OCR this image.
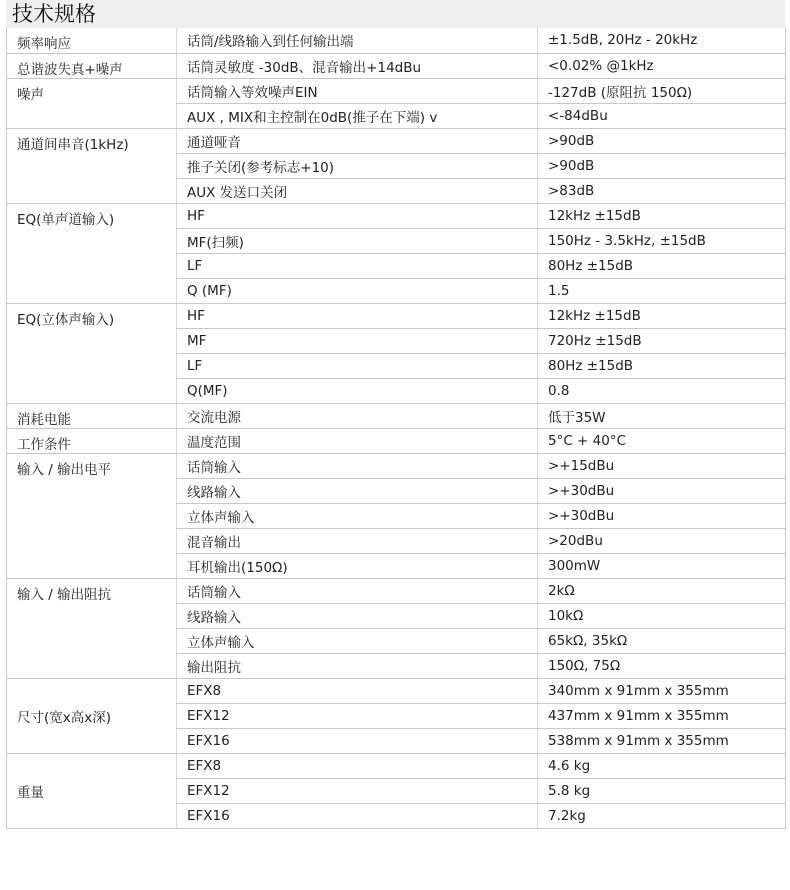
技术规格
频率响应	话筒/线路输入到任何输出端	±1.5dB, 20Hz - 20kHz
总谐波失真+噪声	话筒灵敏度 -30dB、混音输出+14dBu	<0.02% @1kHz
噪声	话筒输入等效噪声EIN	-127dB (原阻抗 150Ω)
	AUX , MIX和主控制在0dB(推子在下端) v	<-84dBu
通道间串音(1kHz)	通道哑音	>90dB
	推子关闭(参考标志+10)	>90dB
	AUX 发送口关闭	>83dB
EQ(单声道输入)	HF	12kHz ±15dB
	MF(扫频)	150Hz - 3.5kHz, ±15dB
	LF	80Hz ±15dB
	Q (MF)	1.5
EQ(立体声输入)	HF	12kHz ±15dB
	MF	720Hz ±15dB
	LF	80Hz ±15dB
	Q(MF)	0.8
消耗电能	交流电源	低于35W
工作条件	温度范围	5°C + 40°C
输入 / 输出电平	话筒输入	>+15dBu
	线路输入	>+30dBu
	立体声输入	>+30dBu
	混音输出	>20dBu
	耳机输出(150Ω)	300mW
输入 / 输出阻抗	话筒输入	2kΩ
	线路输入	10kΩ
	立体声输入	65kΩ, 35kΩ
	输出阻抗	150Ω, 75Ω
尺寸(宽x高x深)	EFX8	340mm x 91mm x 355mm
	EFX12	437mm x 91mm x 355mm
	EFX16	538mm x 91mm x 355mm
重量	EFX8	4.6 kg
	EFX12	5.8 kg
	EFX16	7.2kg
